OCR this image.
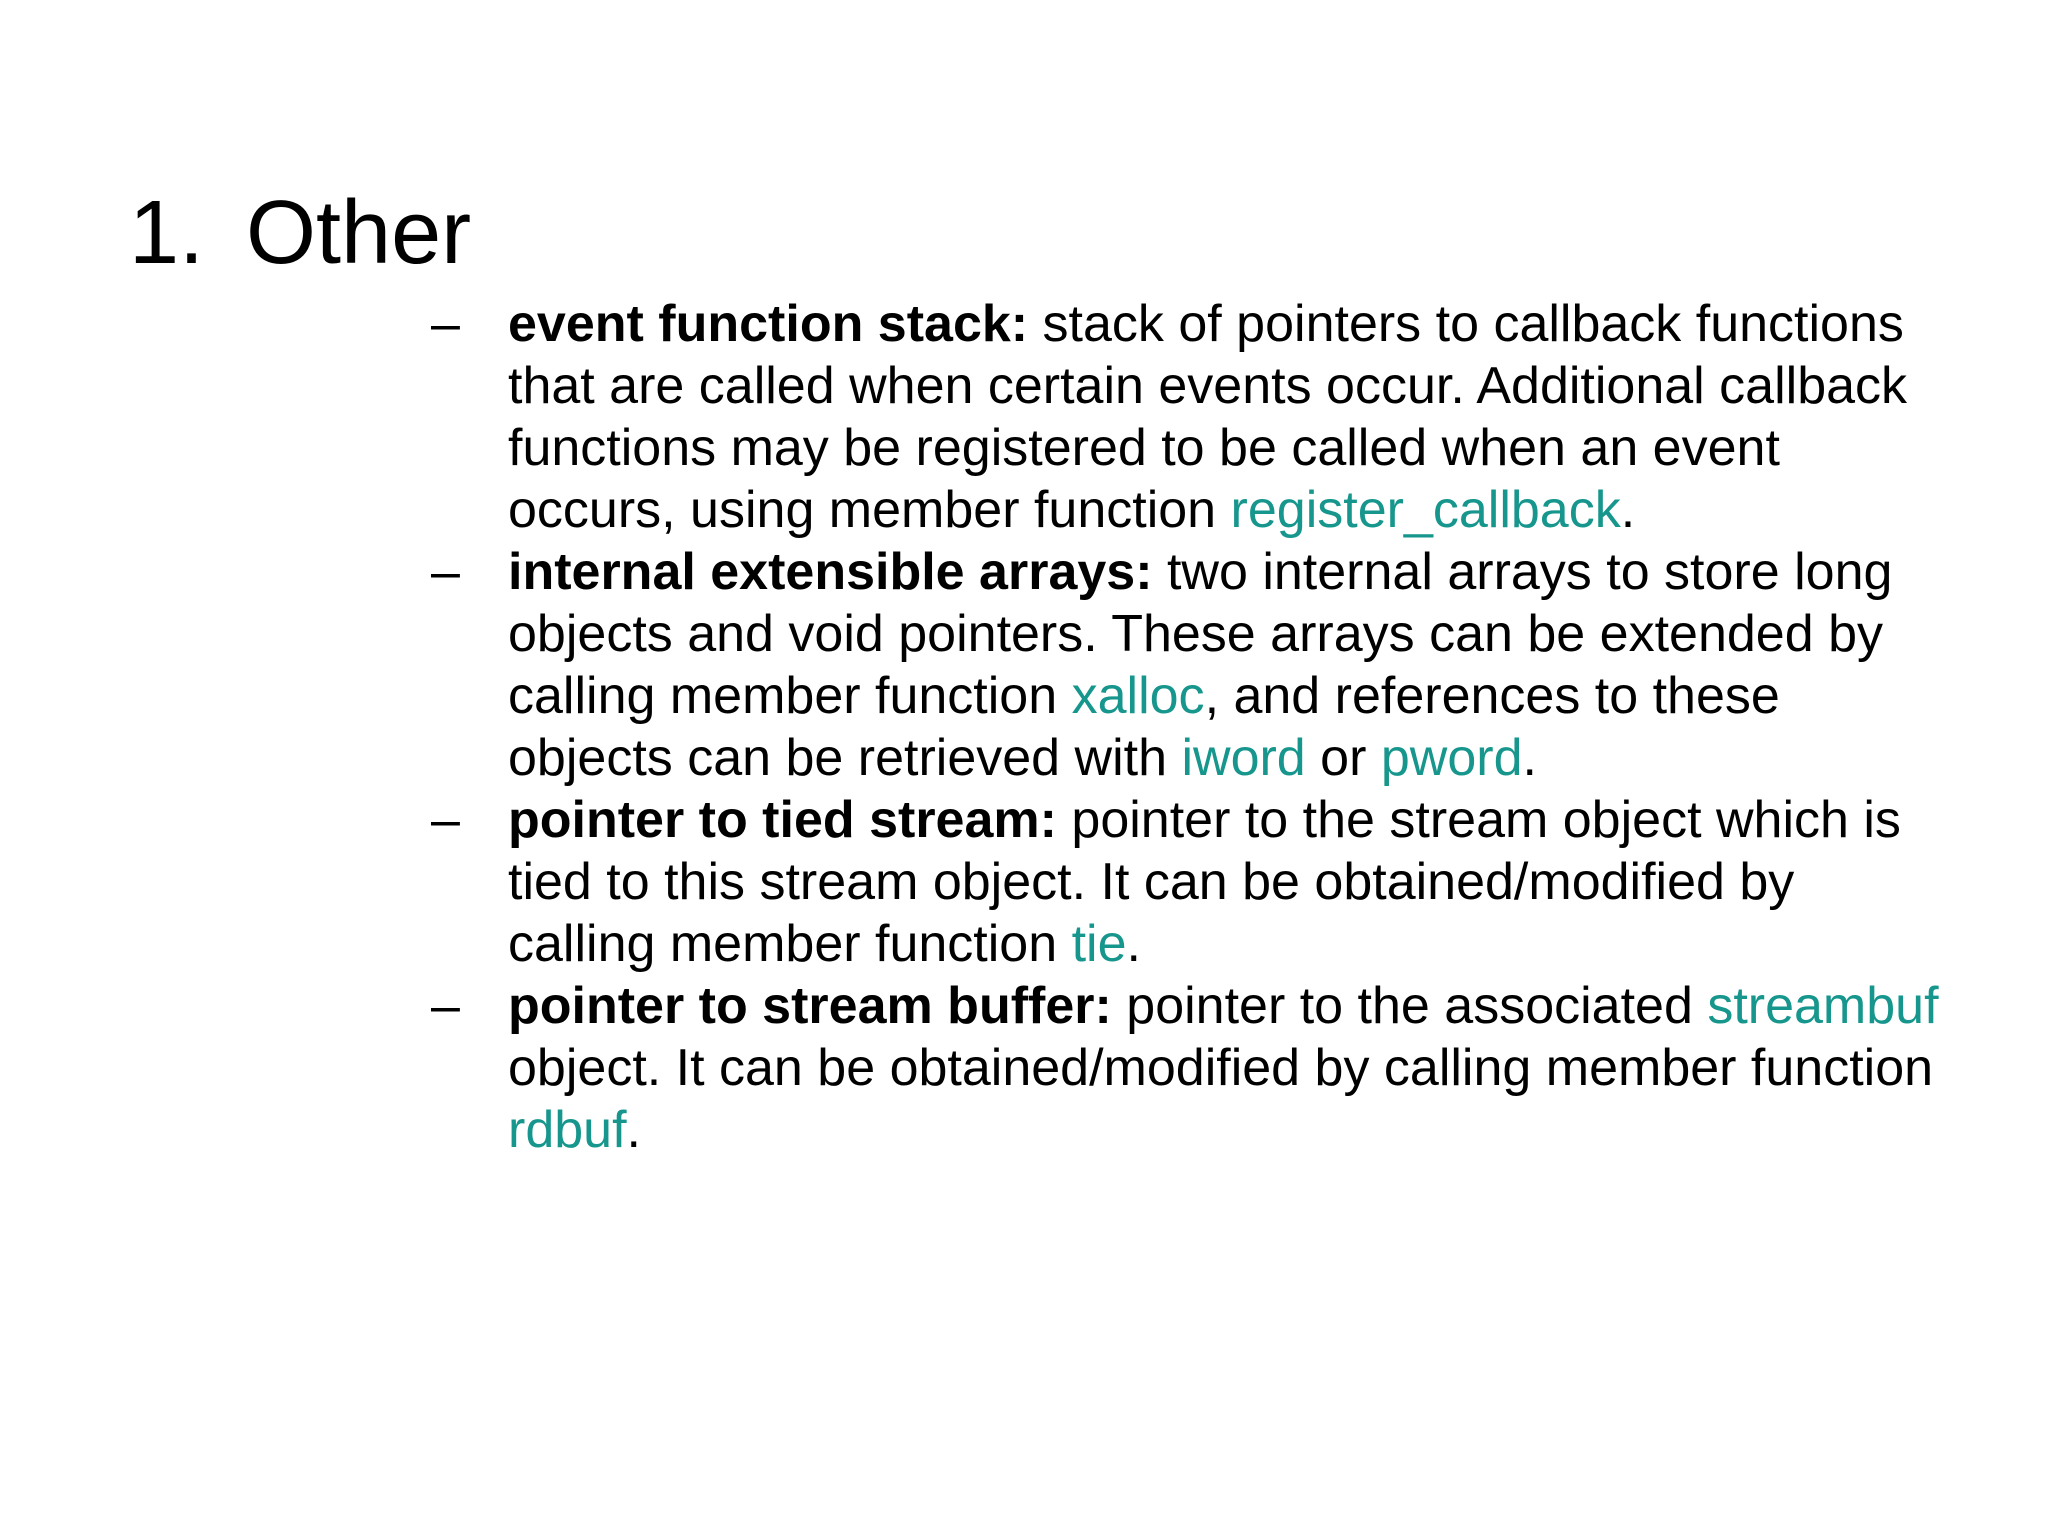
1. Other
– event function stack: stack of pointers to callback functions that are called when certain events occur. Additional callback functions may be registered to be called when an event occurs, using member function register_callback.
– internal extensible arrays: two internal arrays to store long objects and void pointers. These arrays can be extended by calling member function xalloc, and references to these objects can be retrieved with iword or pword.
– pointer to tied stream: pointer to the stream object which is tied to this stream object. It can be obtained/modified by calling member function tie.
– pointer to stream buffer: pointer to the associated streambuf object. It can be obtained/modified by calling member function rdbuf.
